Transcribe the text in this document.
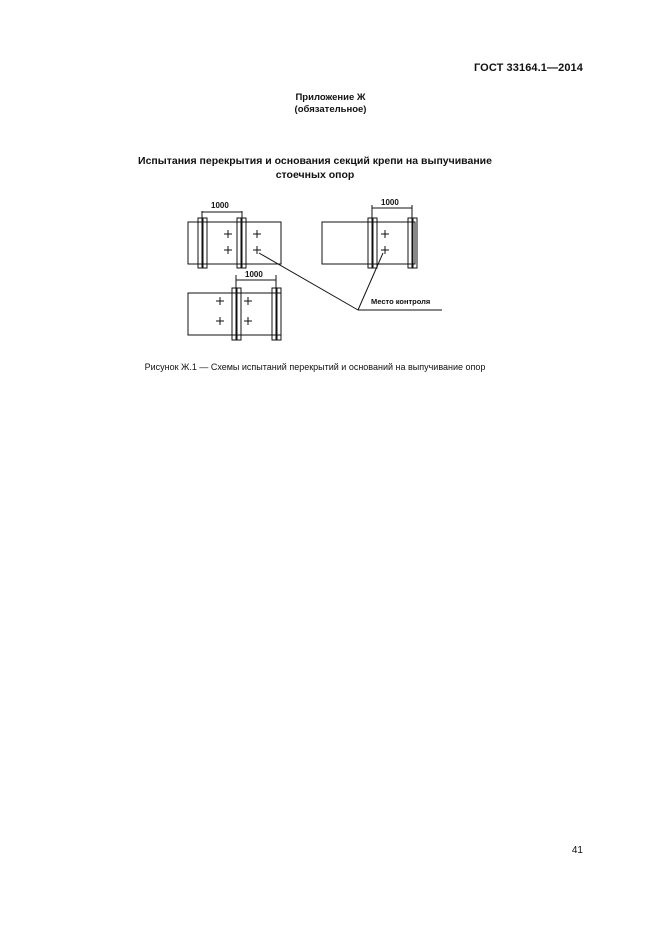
ГОСТ 33164.1—2014
Приложение Ж
(обязательное)
Испытания перекрытия и основания секций крепи на выпучивание
стоечных опор
1000	1000
1000
Место контроля
Рисунок Ж.1 — Схемы испытаний перекрытий и оснований на выпучивание опор
41
